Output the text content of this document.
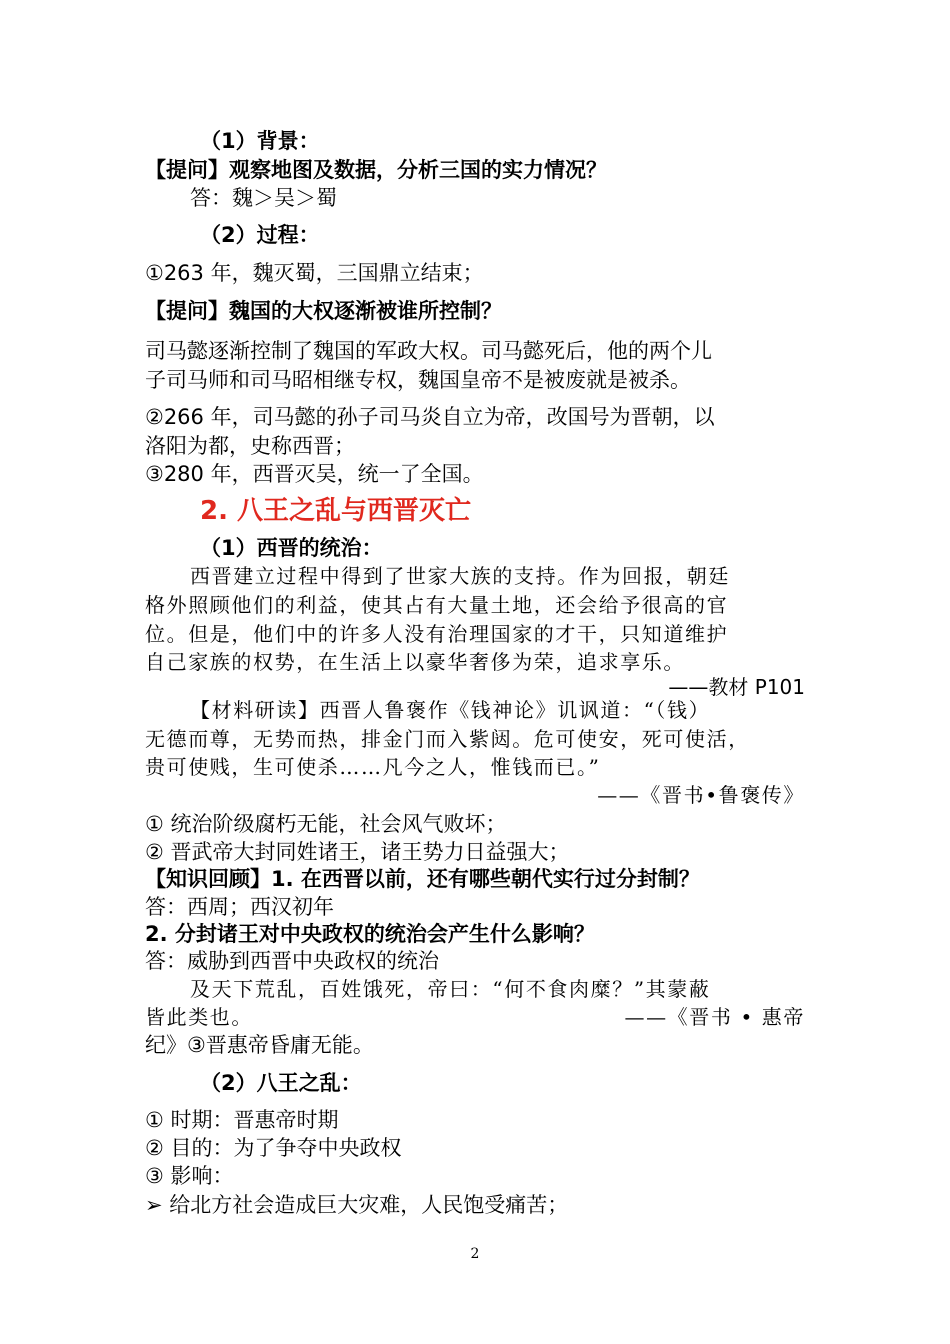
（1）背景：
【提问】观察地图及数据，分析三国的实力情况？
答：魏＞吴＞蜀
（2）过程：
①263 年，魏灭蜀，三国鼎立结束；
【提问】魏国的大权逐渐被谁所控制？
司马懿逐渐控制了魏国的军政大权。司马懿死后，他的两个儿
子司马师和司马昭相继专权，魏国皇帝不是被废就是被杀。
②266 年，司马懿的孙子司马炎自立为帝，改国号为晋朝，以
洛阳为都，史称西晋；
③280 年，西晋灭吴，统一了全国。
2. 八王之乱与西晋灭亡
（1）西晋的统治：
西晋建立过程中得到了世家大族的支持。作为回报，朝廷
格外照顾他们的利益，使其占有大量土地，还会给予很高的官
位。但是，他们中的许多人没有治理国家的才干，只知道维护
自己家族的权势，在生活上以豪华奢侈为荣，追求享乐。
——教材 P101
【材料研读】西晋人鲁褒作《钱神论》讥讽道：“（钱）
无德而尊，无势而热，排金门而入紫闼。危可使安，死可使活，
贵可使贱，生可使杀……凡今之人，惟钱而已。”
——《晋书•鲁褒传》
① 统治阶级腐朽无能，社会风气败坏；
② 晋武帝大封同姓诸王，诸王势力日益强大；
【知识回顾】1. 在西晋以前，还有哪些朝代实行过分封制？
答：西周；西汉初年
2. 分封诸王对中央政权的统治会产生什么影响？
答：威胁到西晋中央政权的统治
及天下荒乱，百姓饿死，帝曰：“何不食肉糜？”其蒙蔽
皆此类也。	——《晋书 • 惠帝
纪》③晋惠帝昏庸无能。
（2）八王之乱：
① 时期：晋惠帝时期
② 目的：为了争夺中央政权
③ 影响：
➢ 给北方社会造成巨大灾难，人民饱受痛苦；
2
